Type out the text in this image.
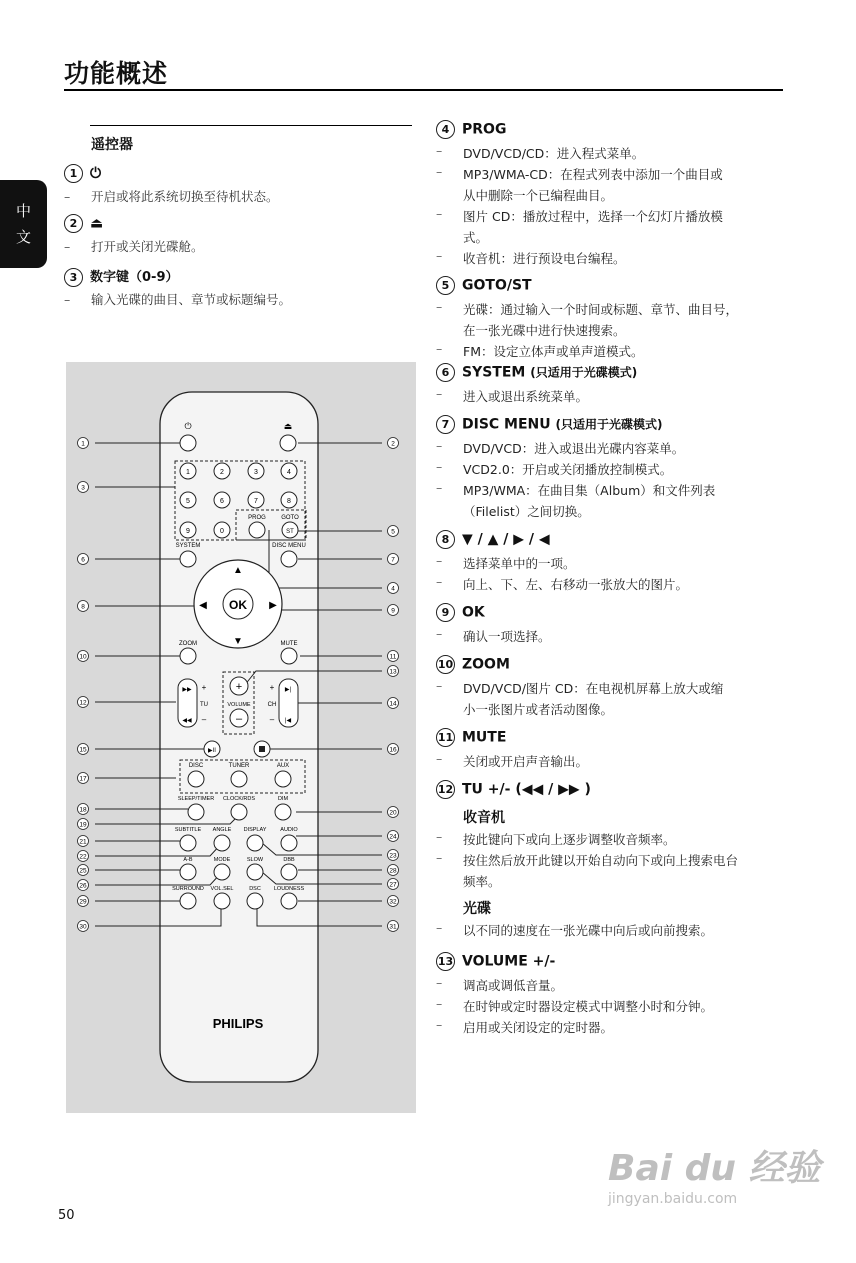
功能概述
中
文
遥控器
1 ⏻
– 开启或将此系统切换至待机状态。
2 ⏏
– 打开或关闭光碟舱。
3 数字键（0-9）
– 输入光碟的曲目、章节或标题编号。
⏻	⏏
1	2	3	4
5	6	7	8
9	0
PROG	GOTO
ST
SYSTEM	DISC MENU
OK
▲
▼
◀	▶
ZOOM	MUTE
+
VOLUME
–
▶▶
◀◀
+
TU
–
▶|
|◀
+
CH
–
▶II
DISC	TUNER	AUX
SLEEP/TIMER CLOCK/RDS	DIM
SUBTITLE ANGLE DISPLAY	AUDIO
A-B	MODE	SLOW	DBB
SURROUND VOL.SEL	DSC LOUDNESS
PHILIPS
1
3
6
8
10
12
15
17
18
19
21
22
25
26
29
30
2
5
7
4
9
11
13
14
16
20
24
23
28
27
32
31
4 PROG
–	DVD/VCD/CD：进入程式菜单。
–	MP3/WMA-CD：在程式列表中添加一个曲目或
从中删除一个已编程曲目。
–	图片 CD：播放过程中，选择一个幻灯片播放模
式。
–	收音机：进行预设电台编程。
5 GOTO/ST
–	光碟：通过输入一个时间或标题、章节、曲目号，
在一张光碟中进行快速搜索。
–	FM：设定立体声或单声道模式。
6 SYSTEM (只适用于光碟模式)
–	进入或退出系统菜单。
7 DISC MENU (只适用于光碟模式)
–	DVD/VCD：进入或退出光碟内容菜单。
–	VCD2.0：开启或关闭播放控制模式。
–	MP3/WMA：在曲目集（Album）和文件列表
（Filelist）之间切换。
8 ▼ / ▲ / ▶ / ◀
–	选择菜单中的一项。
–	向上、下、左、右移动一张放大的图片。
9 OK
–	确认一项选择。
10 ZOOM
–	DVD/VCD/图片 CD：在电视机屏幕上放大或缩
小一张图片或者活动图像。
11 MUTE
–	关闭或开启声音输出。
12 TU +/- (◀◀ / ▶▶ )
收音机
–	按此键向下或向上逐步调整收音频率。
–	按住然后放开此键以开始自动向下或向上搜索电台
频率。
光碟
–	以不同的速度在一张光碟中向后或向前搜索。
13 VOLUME +/-
–	调高或调低音量。
–	在时钟或定时器设定模式中调整小时和分钟。
–	启用或关闭设定的定时器。
50
Bai du 经验
jingyan.baidu.com
